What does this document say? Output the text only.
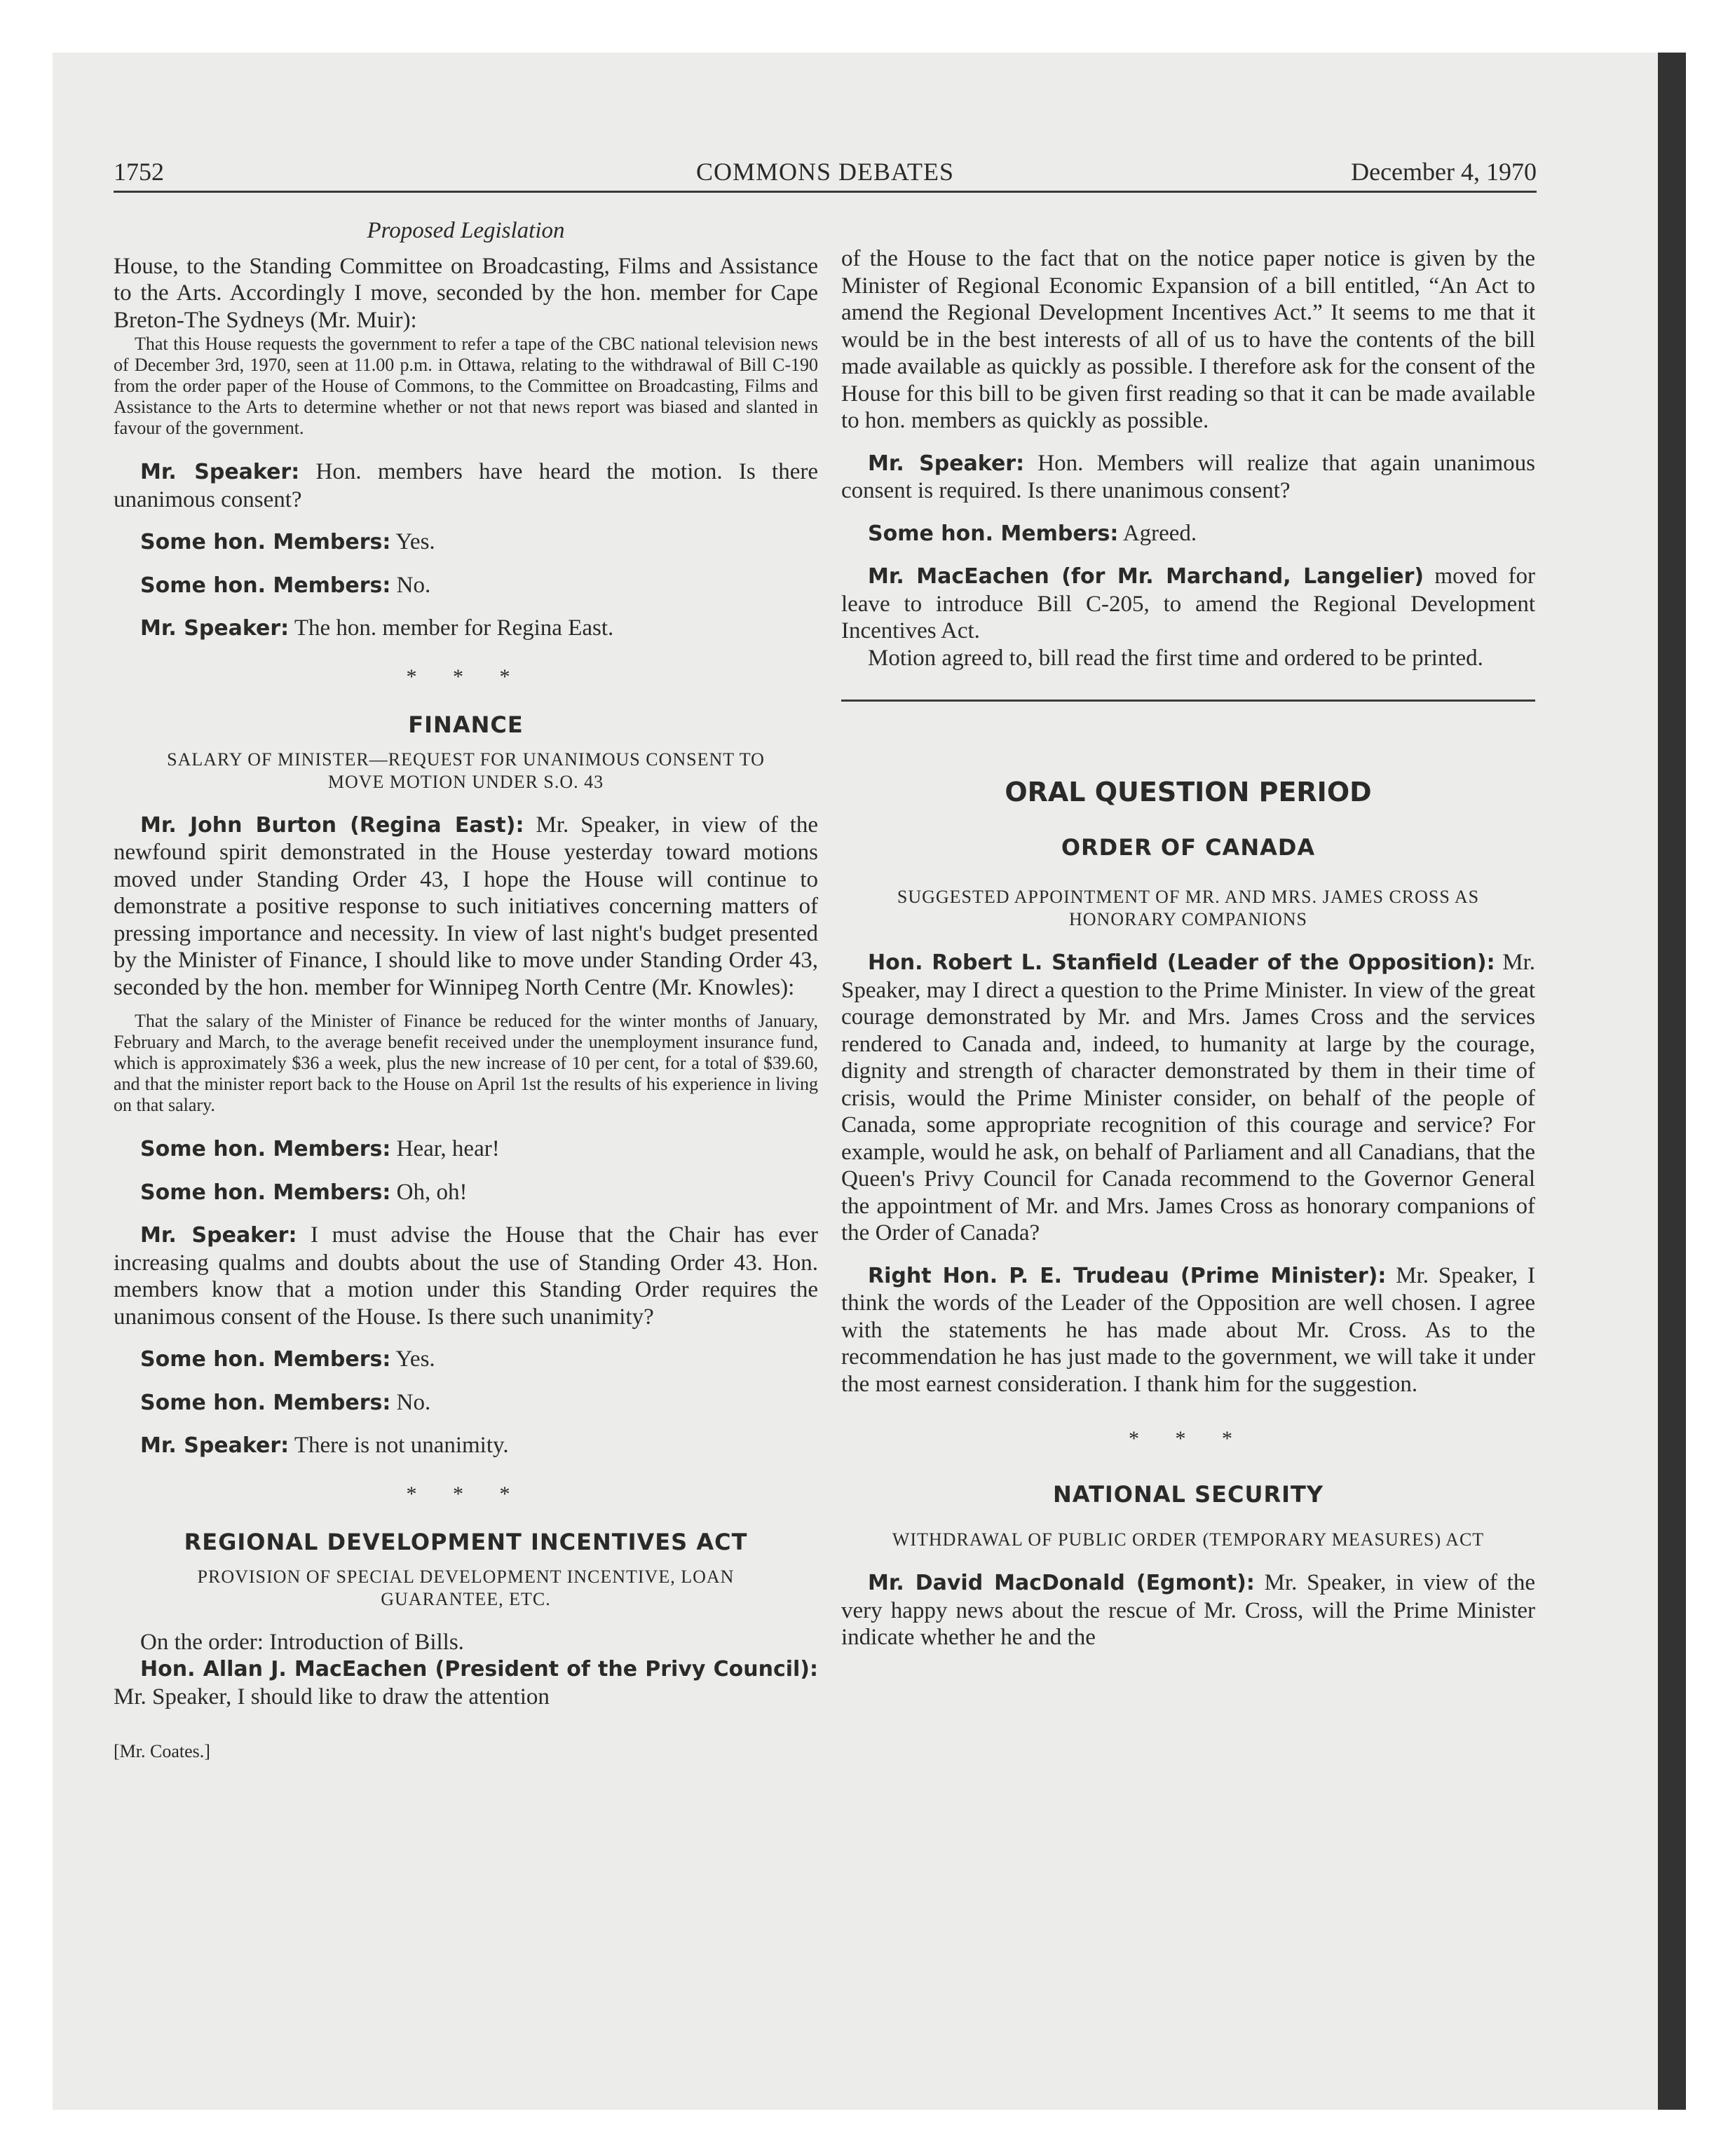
1752	COMMONS DEBATES	December 4, 1970
Proposed Legislation

House, to the Standing Committee on Broadcasting, Films and Assistance to the Arts. Accordingly I move, seconded by the hon. member for Cape Breton-The Sydneys (Mr. Muir):

That this House requests the government to refer a tape of the CBC national television news of December 3rd, 1970, seen at 11.00 p.m. in Ottawa, relating to the withdrawal of Bill C-190 from the order paper of the House of Commons, to the Committee on Broadcasting, Films and Assistance to the Arts to determine whether or not that news report was biased and slanted in favour of the government.

Mr. Speaker: Hon. members have heard the motion. Is there unanimous consent?

Some hon. Members: Yes.

Some hon. Members: No.

Mr. Speaker: The hon. member for Regina East.

* * *
FINANCE
SALARY OF MINISTER—REQUEST FOR UNANIMOUS CONSENT TO MOVE MOTION UNDER S.O. 43

Mr. John Burton (Regina East): Mr. Speaker, in view of the newfound spirit demonstrated in the House yesterday toward motions moved under Standing Order 43, I hope the House will continue to demonstrate a positive response to such initiatives concerning matters of pressing importance and necessity. In view of last night's budget presented by the Minister of Finance, I should like to move under Standing Order 43, seconded by the hon. member for Winnipeg North Centre (Mr. Knowles):

That the salary of the Minister of Finance be reduced for the winter months of January, February and March, to the average benefit received under the unemployment insurance fund, which is approximately $36 a week, plus the new increase of 10 per cent, for a total of $39.60, and that the minister report back to the House on April 1st the results of his experience in living on that salary.

Some hon. Members: Hear, hear!

Some hon. Members: Oh, oh!

Mr. Speaker: I must advise the House that the Chair has ever increasing qualms and doubts about the use of Standing Order 43. Hon. members know that a motion under this Standing Order requires the unanimous consent of the House. Is there such unanimity?

Some hon. Members: Yes.

Some hon. Members: No.

Mr. Speaker: There is not unanimity.

* * *
REGIONAL DEVELOPMENT INCENTIVES ACT
PROVISION OF SPECIAL DEVELOPMENT INCENTIVE, LOAN GUARANTEE, ETC.

On the order: Introduction of Bills.

Hon. Allan J. MacEachen (President of the Privy Council): Mr. Speaker, I should like to draw the attention

[Mr. Coates.]

of the House to the fact that on the notice paper notice is given by the Minister of Regional Economic Expansion of a bill entitled, “An Act to amend the Regional Development Incentives Act.” It seems to me that it would be in the best interests of all of us to have the contents of the bill made available as quickly as possible. I therefore ask for the consent of the House for this bill to be given first reading so that it can be made available to hon. members as quickly as possible.

Mr. Speaker: Hon. Members will realize that again unanimous consent is required. Is there unanimous consent?

Some hon. Members: Agreed.

Mr. MacEachen (for Mr. Marchand, Langelier) moved for leave to introduce Bill C-205, to amend the Regional Development Incentives Act.

Motion agreed to, bill read the first time and ordered to be printed.

ORAL QUESTION PERIOD
ORDER OF CANADA
SUGGESTED APPOINTMENT OF MR. AND MRS. JAMES CROSS AS HONORARY COMPANIONS

Hon. Robert L. Stanfield (Leader of the Opposition): Mr. Speaker, may I direct a question to the Prime Minister. In view of the great courage demonstrated by Mr. and Mrs. James Cross and the services rendered to Canada and, indeed, to humanity at large by the courage, dignity and strength of character demonstrated by them in their time of crisis, would the Prime Minister consider, on behalf of the people of Canada, some appropriate recognition of this courage and service? For example, would he ask, on behalf of Parliament and all Canadians, that the Queen's Privy Council for Canada recommend to the Governor General the appointment of Mr. and Mrs. James Cross as honorary companions of the Order of Canada?

Right Hon. P. E. Trudeau (Prime Minister): Mr. Speaker, I think the words of the Leader of the Opposition are well chosen. I agree with the statements he has made about Mr. Cross. As to the recommendation he has just made to the government, we will take it under the most earnest consideration. I thank him for the suggestion.

* * *
NATIONAL SECURITY
WITHDRAWAL OF PUBLIC ORDER (TEMPORARY MEASURES) ACT

Mr. David MacDonald (Egmont): Mr. Speaker, in view of the very happy news about the rescue of Mr. Cross, will the Prime Minister indicate whether he and the
